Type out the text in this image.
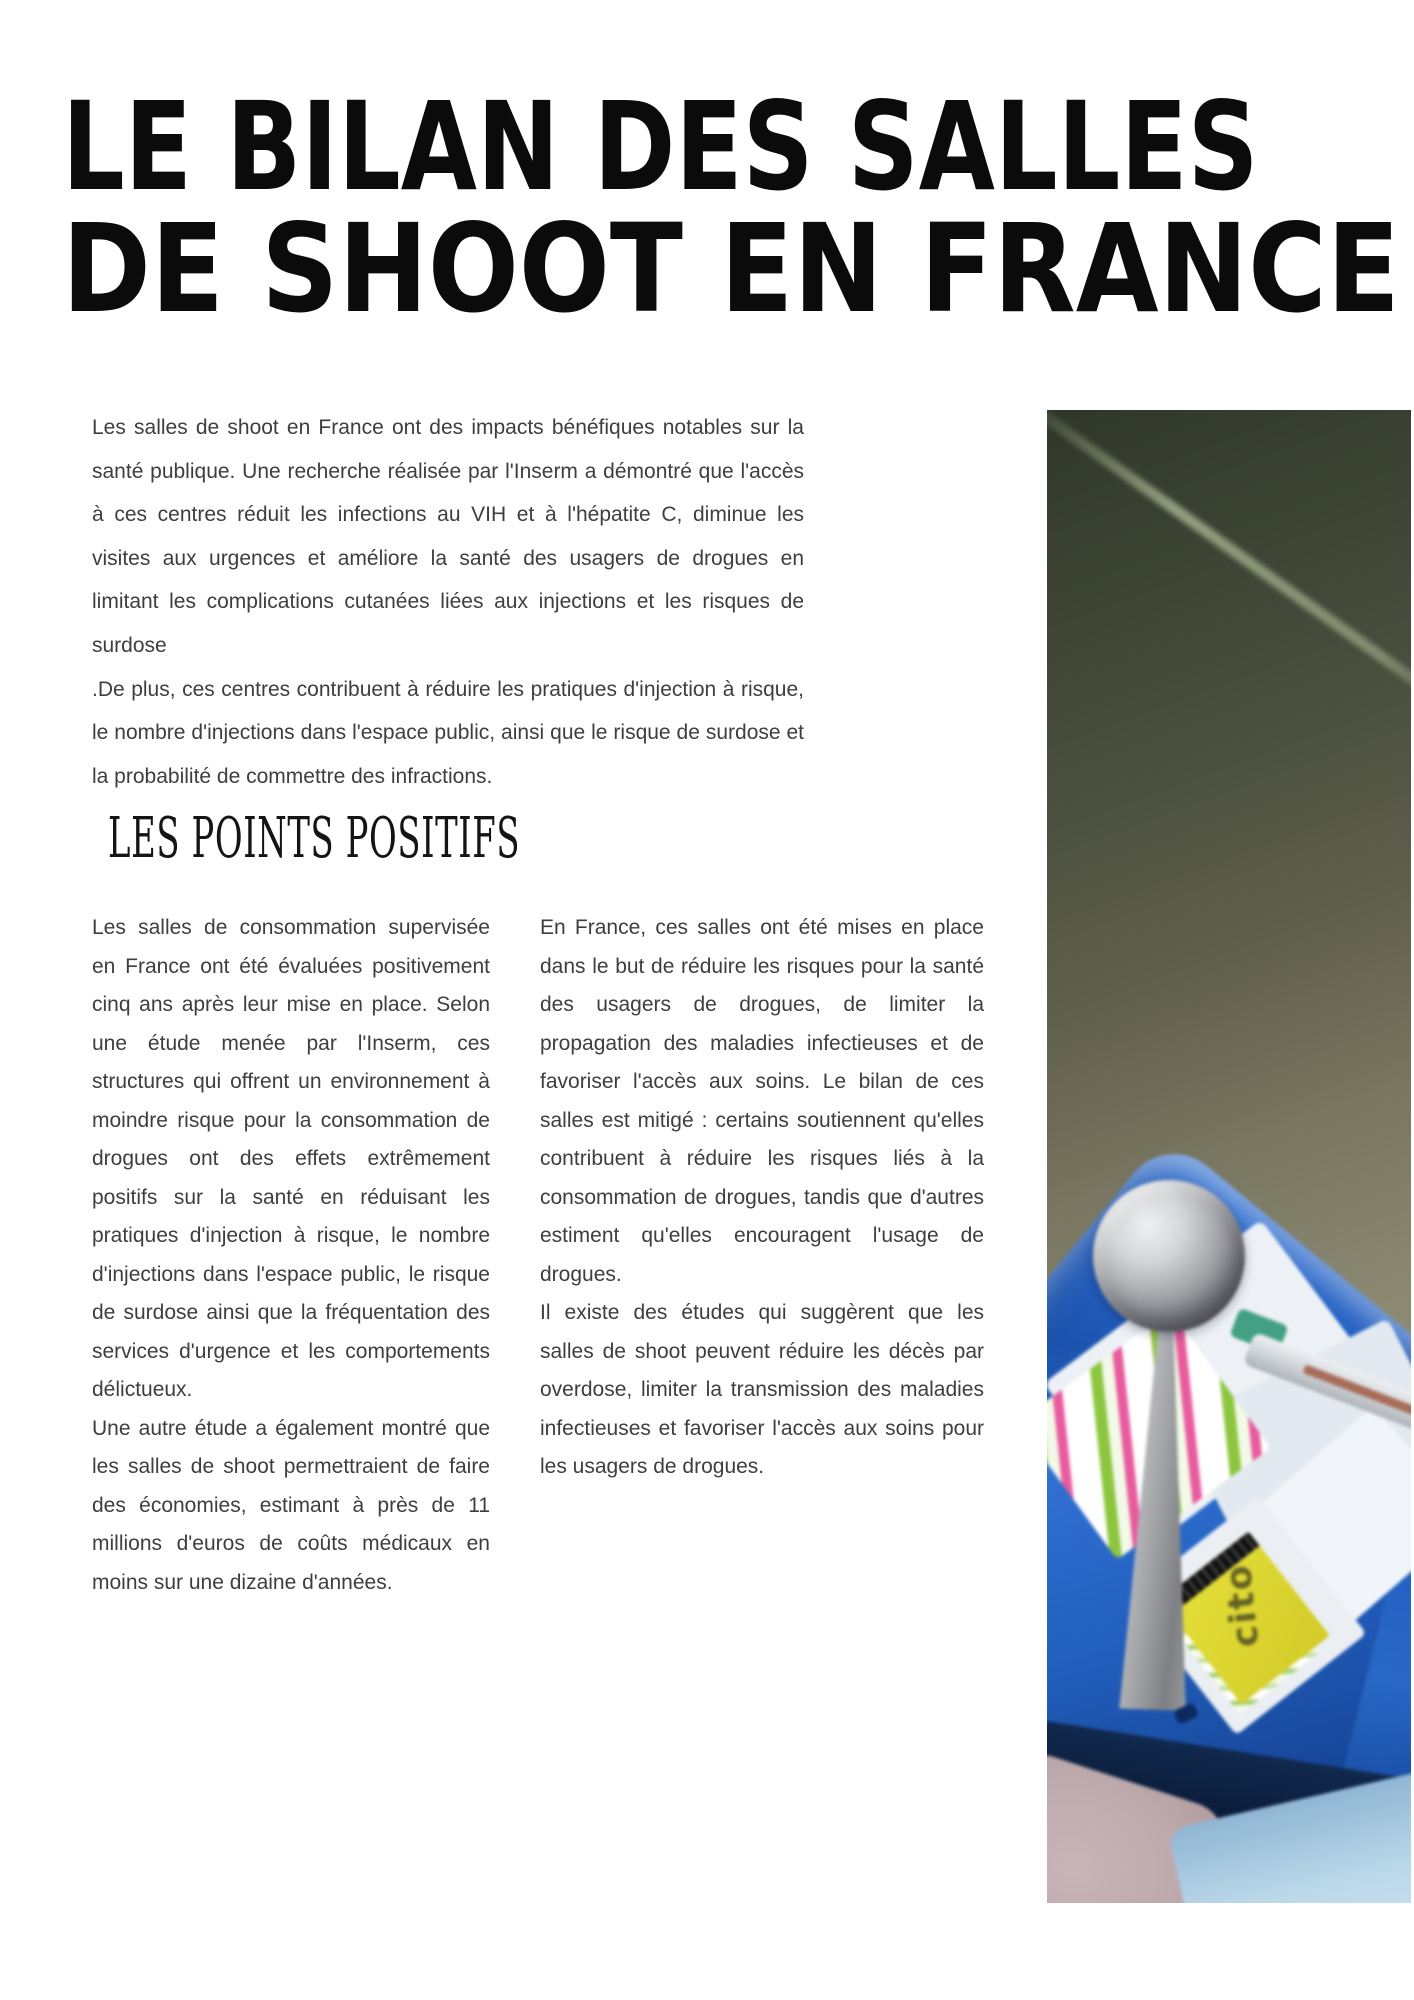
LE BILAN DES SALLES
DE SHOOT EN FRANCE

Les salles de shoot en France ont des impacts bénéfiques notables sur la santé publique. Une recherche réalisée par l'Inserm a démontré que l'accès à ces centres réduit les infections au VIH et à l'hépatite C, diminue les visites aux urgences et améliore la santé des usagers de drogues en limitant les complications cutanées liées aux injections et les risques de surdose

.De plus, ces centres contribuent à réduire les pratiques d'injection à risque, le nombre d'injections dans l'espace public, ainsi que le risque de surdose et la probabilité de commettre des infractions.

LES POINTS POSITIFS

Les salles de consommation supervisée en France ont été évaluées positivement cinq ans après leur mise en place. Selon une étude menée par l'Inserm, ces structures qui offrent un environnement à moindre risque pour la consommation de drogues ont des effets extrêmement positifs sur la santé en réduisant les pratiques d'injection à risque, le nombre d'injections dans l'espace public, le risque de surdose ainsi que la fréquentation des services d'urgence et les comportements délictueux.

Une autre étude a également montré que les salles de shoot permettraient de faire des économies, estimant à près de 11 millions d'euros de coûts médicaux en moins sur une dizaine d'années.

En France, ces salles ont été mises en place dans le but de réduire les risques pour la santé des usagers de drogues, de limiter la propagation des maladies infectieuses et de favoriser l'accès aux soins. Le bilan de ces salles est mitigé : certains soutiennent qu'elles contribuent à réduire les risques liés à la consommation de drogues, tandis que d'autres estiment qu'elles encouragent l'usage de drogues.

Il existe des études qui suggèrent que les salles de shoot peuvent réduire les décès par overdose, limiter la transmission des maladies infectieuses et favoriser l'accès aux soins pour les usagers de drogues.

cito
